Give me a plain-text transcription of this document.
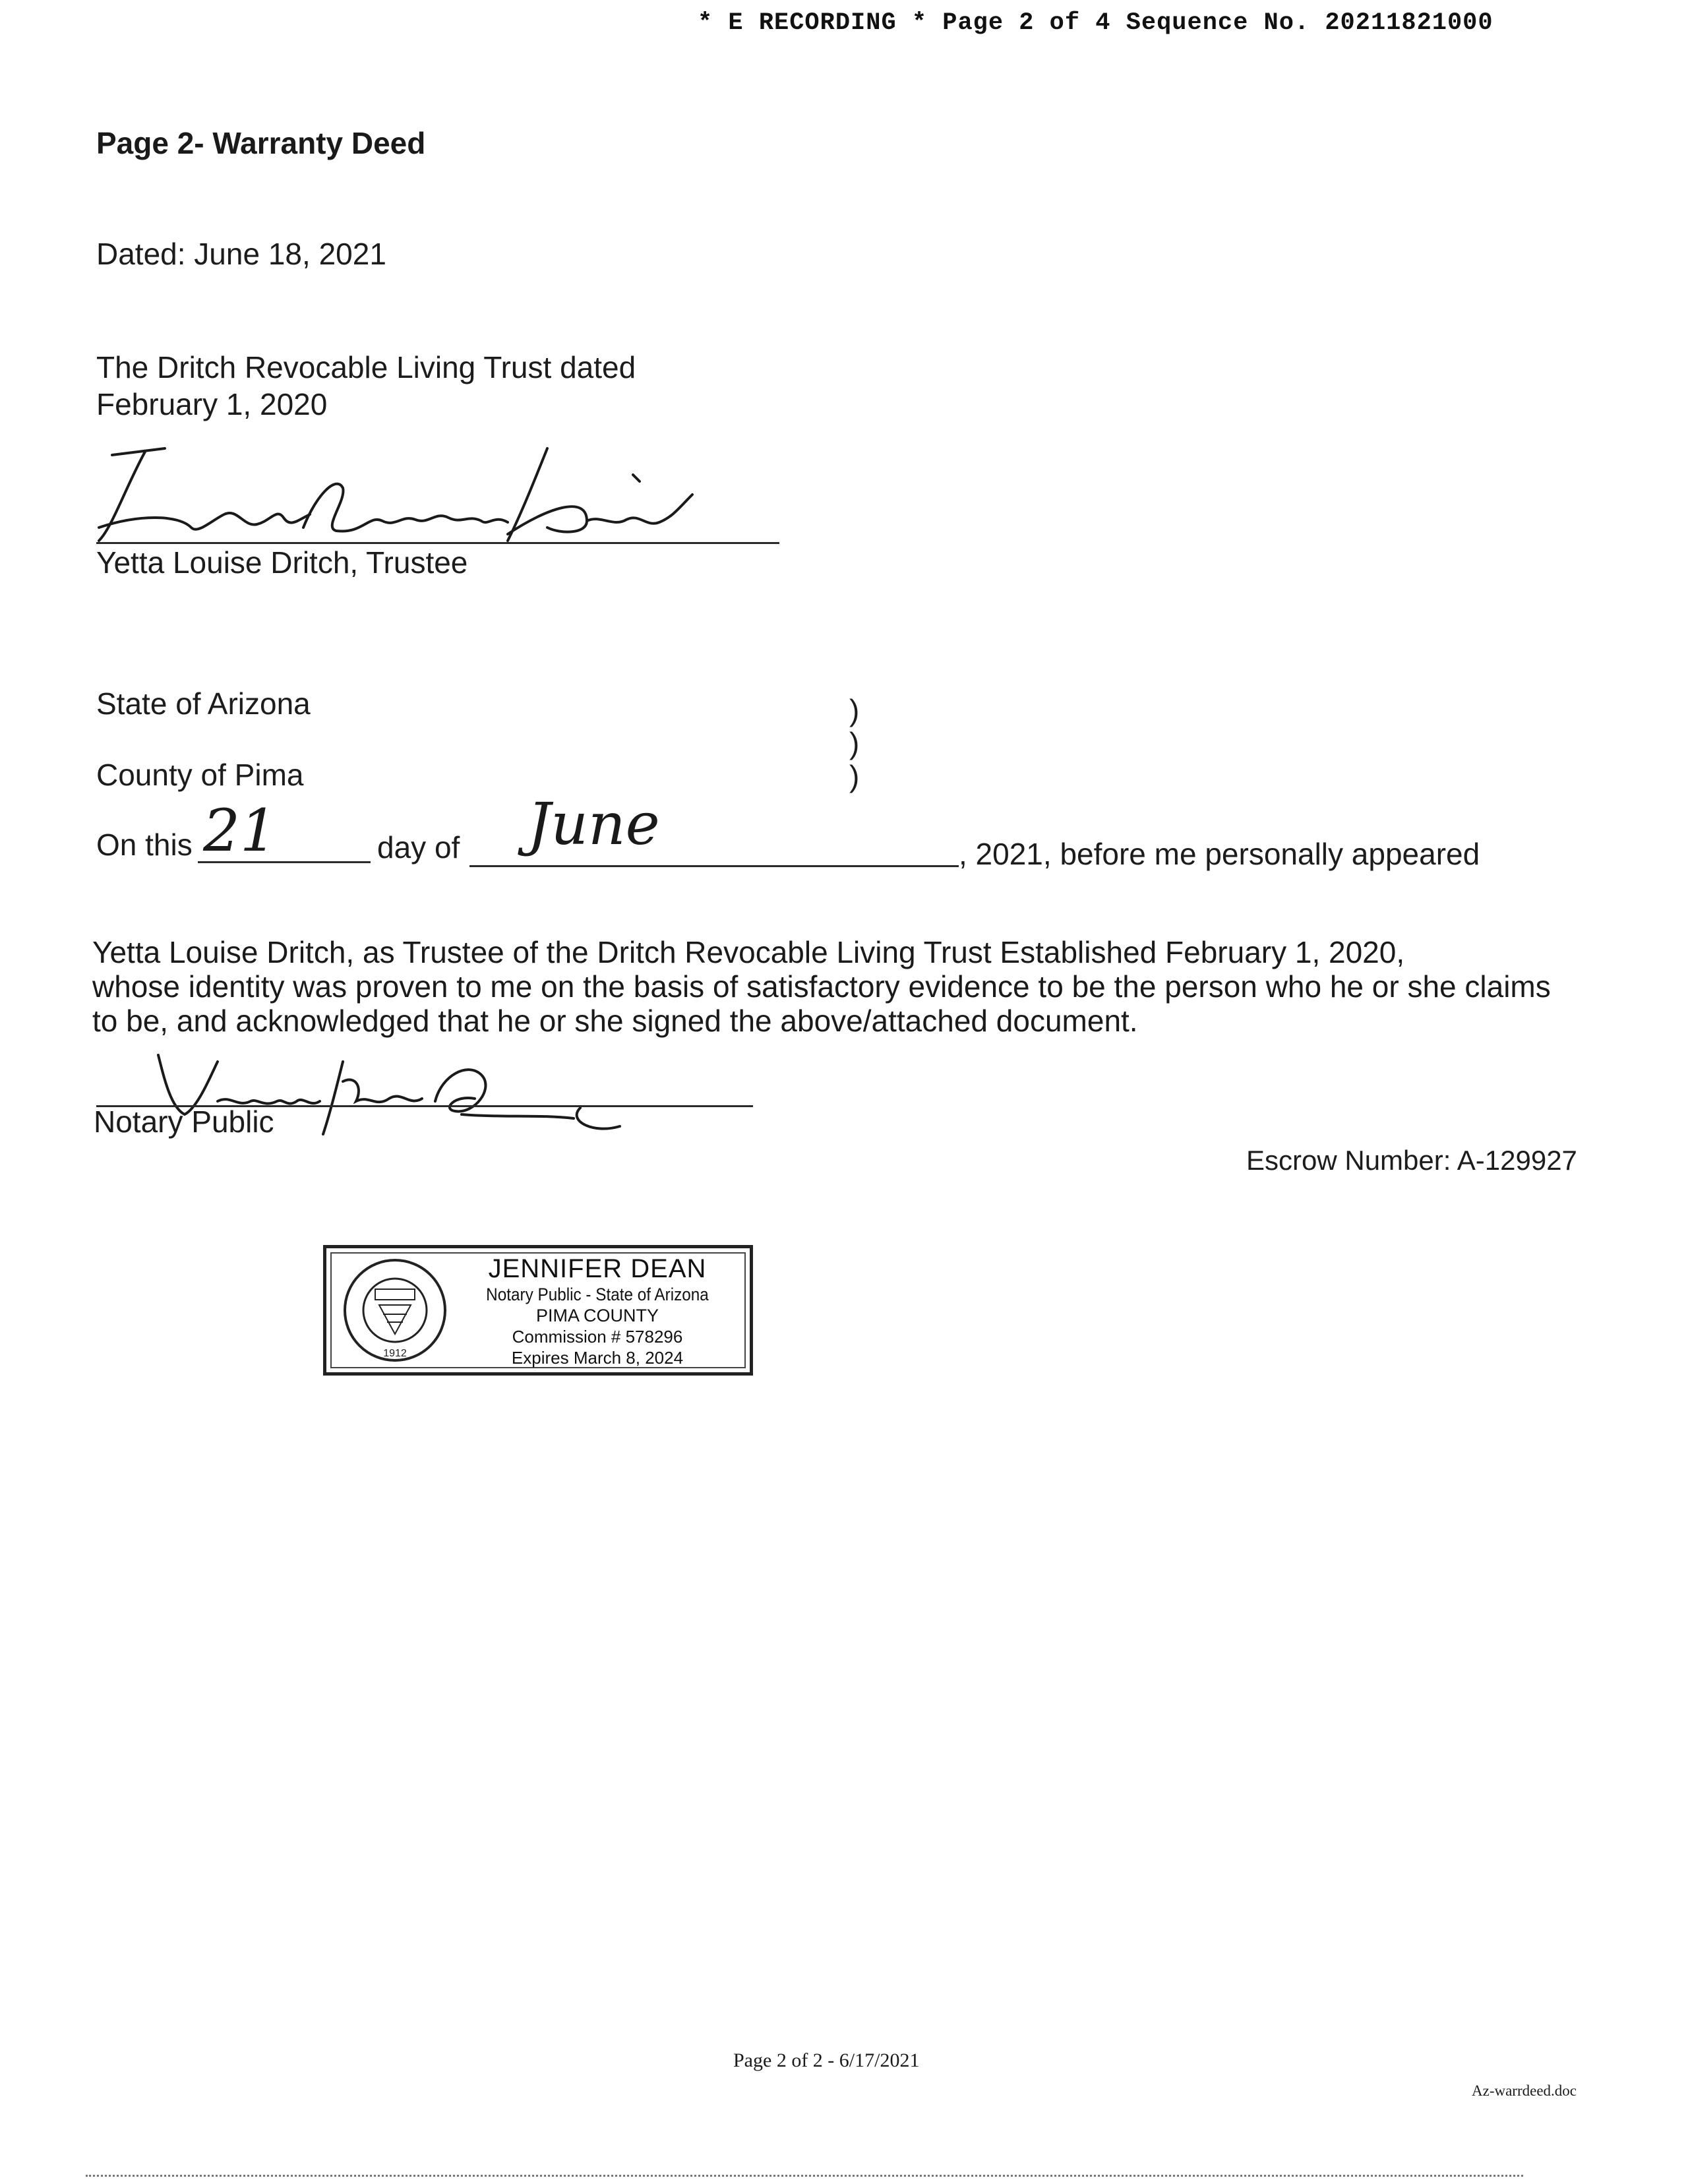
* E RECORDING * Page 2 of 4 Sequence No. 20211821000
Page 2- Warranty Deed
Dated: June 18, 2021
The Dritch Revocable Living Trust dated
February 1, 2020
Yetta Louise Dritch, Trustee
State of Arizona
County of Pima
)
)
)
On this 21	day of June	, 2021, before me personally appeared
Yetta Louise Dritch, as Trustee of the Dritch Revocable Living Trust Established February 1, 2020,
whose identity was proven to me on the basis of satisfactory evidence to be the person who he or she claims
to be, and acknowledged that he or she signed the above/attached document.
Notary Public
Escrow Number: A-129927
1912
JENNIFER DEAN
Notary Public - State of Arizona
PIMA COUNTY
Commission # 578296
Expires March 8, 2024
Page 2 of 2 - 6/17/2021
Az-warrdeed.doc
